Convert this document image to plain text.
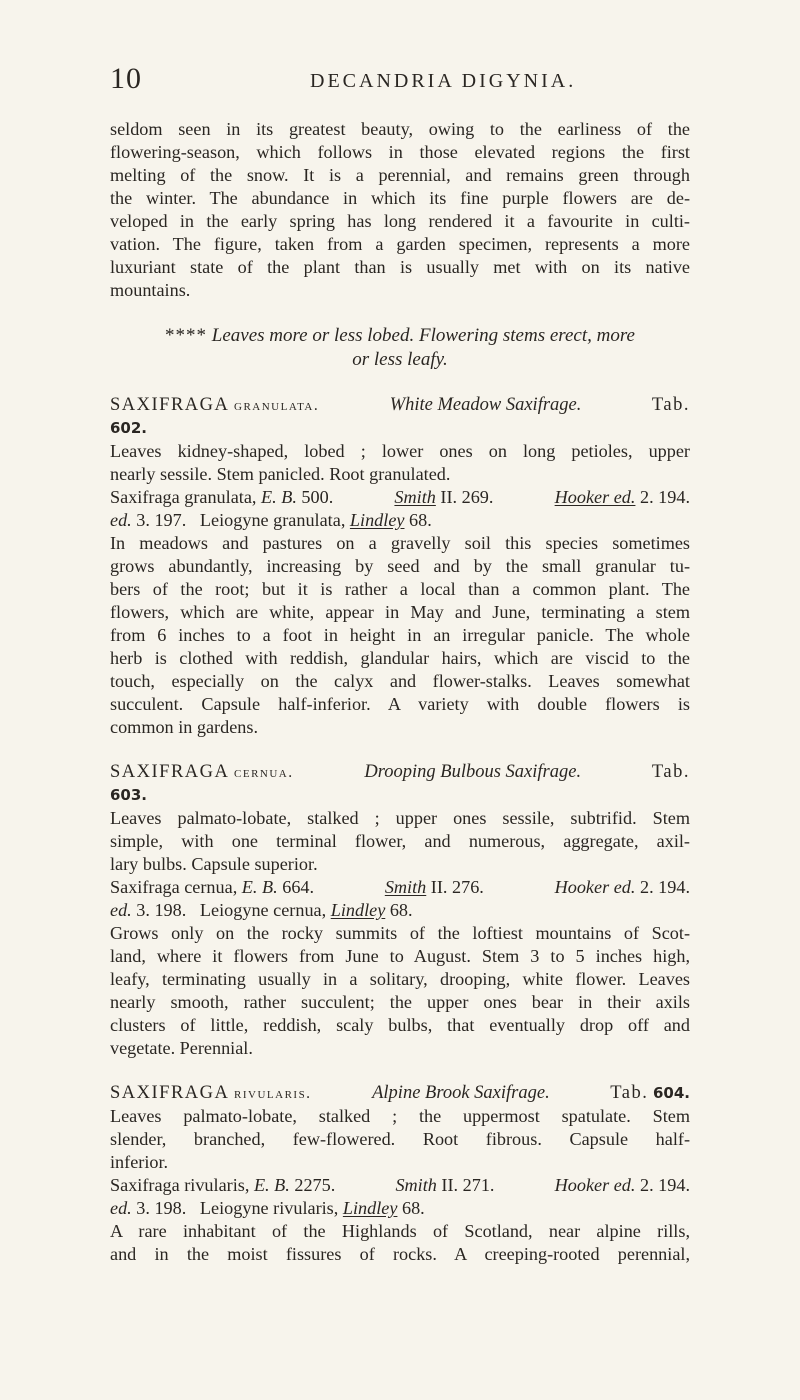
10	DECANDRIA DIGYNIA.
seldom seen in its greatest beauty, owing to the earliness of the
flowering-season, which follows in those elevated regions the first
melting of the snow. It is a perennial, and remains green through
the winter. The abundance in which its fine purple flowers are de-
veloped in the early spring has long rendered it a favourite in culti-
vation. The figure, taken from a garden specimen, represents a more
luxuriant state of the plant than is usually met with on its native
mountains.
**** Leaves more or less lobed. Flowering stems erect, more
or less leafy.
SAXIFRAGA granulata.	White Meadow Saxifrage.	Tab.
602.
Leaves kidney-shaped, lobed ; lower ones on long petioles, upper
nearly sessile. Stem panicled. Root granulated.
Saxifraga granulata, E. B. 500.	Smith II. 269.	Hooker ed. 2. 194.
ed. 3. 197. Leiogyne granulata, Lindley 68.
In meadows and pastures on a gravelly soil this species sometimes
grows abundantly, increasing by seed and by the small granular tu-
bers of the root; but it is rather a local than a common plant. The
flowers, which are white, appear in May and June, terminating a stem
from 6 inches to a foot in height in an irregular panicle. The whole
herb is clothed with reddish, glandular hairs, which are viscid to the
touch, especially on the calyx and flower-stalks. Leaves somewhat
succulent. Capsule half-inferior. A variety with double flowers is
common in gardens.
SAXIFRAGA cernua.	Drooping Bulbous Saxifrage.	Tab.
603.
Leaves palmato-lobate, stalked ; upper ones sessile, subtrifid. Stem
simple, with one terminal flower, and numerous, aggregate, axil-
lary bulbs. Capsule superior.
Saxifraga cernua, E. B. 664.	Smith II. 276.	Hooker ed. 2. 194.
ed. 3. 198. Leiogyne cernua, Lindley 68.
Grows only on the rocky summits of the loftiest mountains of Scot-
land, where it flowers from June to August. Stem 3 to 5 inches high,
leafy, terminating usually in a solitary, drooping, white flower. Leaves
nearly smooth, rather succulent; the upper ones bear in their axils
clusters of little, reddish, scaly bulbs, that eventually drop off and
vegetate. Perennial.
SAXIFRAGA rivularis.	Alpine Brook Saxifrage.	Tab. 604.
Leaves palmato-lobate, stalked ; the uppermost spatulate. Stem
slender, branched, few-flowered. Root fibrous. Capsule half-
inferior.
Saxifraga rivularis, E. B. 2275.	Smith II. 271.	Hooker ed. 2. 194.
ed. 3. 198. Leiogyne rivularis, Lindley 68.
A rare inhabitant of the Highlands of Scotland, near alpine rills,
and in the moist fissures of rocks. A creeping-rooted perennial,
